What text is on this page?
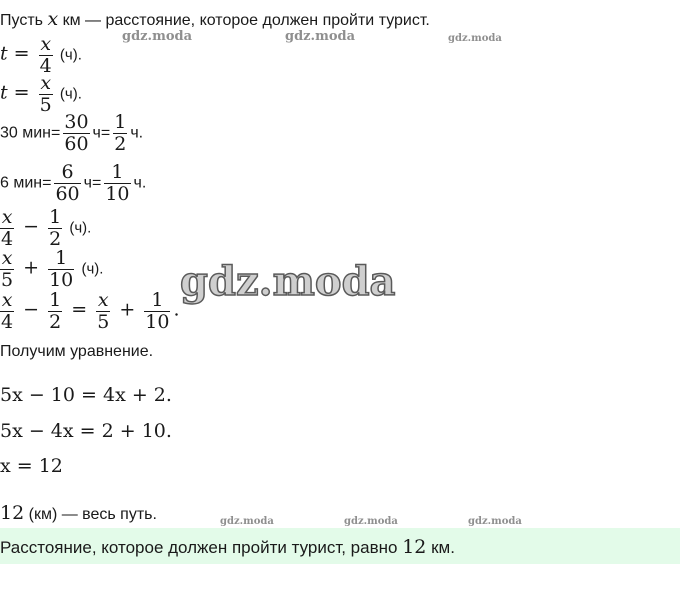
Пусть x км — расстояние, которое должен пройти турист.
gdz.moda	gdz.moda	gdz.moda
$t = \frac{x}{4} (ч)$.
$t = \frac{x}{5} (ч)$.
30 $мин= \frac{30}{60} ч= \frac{1}{2} ч$.
6 $мин= \frac{6}{60} ч= \frac{1}{10} ч$.
$\frac{x}{4} - \frac{1}{2} (ч)$.
$\frac{x}{5} + \frac{1}{10} (ч)$. gdz.moda
$\frac{x}{4} - \frac{1}{2} = \frac{x}{5} + \frac{1}{10}$ .
Получим уравнение.
5x − 10 = 4x + 2.
5x − 4x = 2 + 10.
x = 12
12 (км) — весь путь.	gdz.moda	gdz.moda	gdz.moda
Расстояние, которое должен пройти турист, равно 12 км.
